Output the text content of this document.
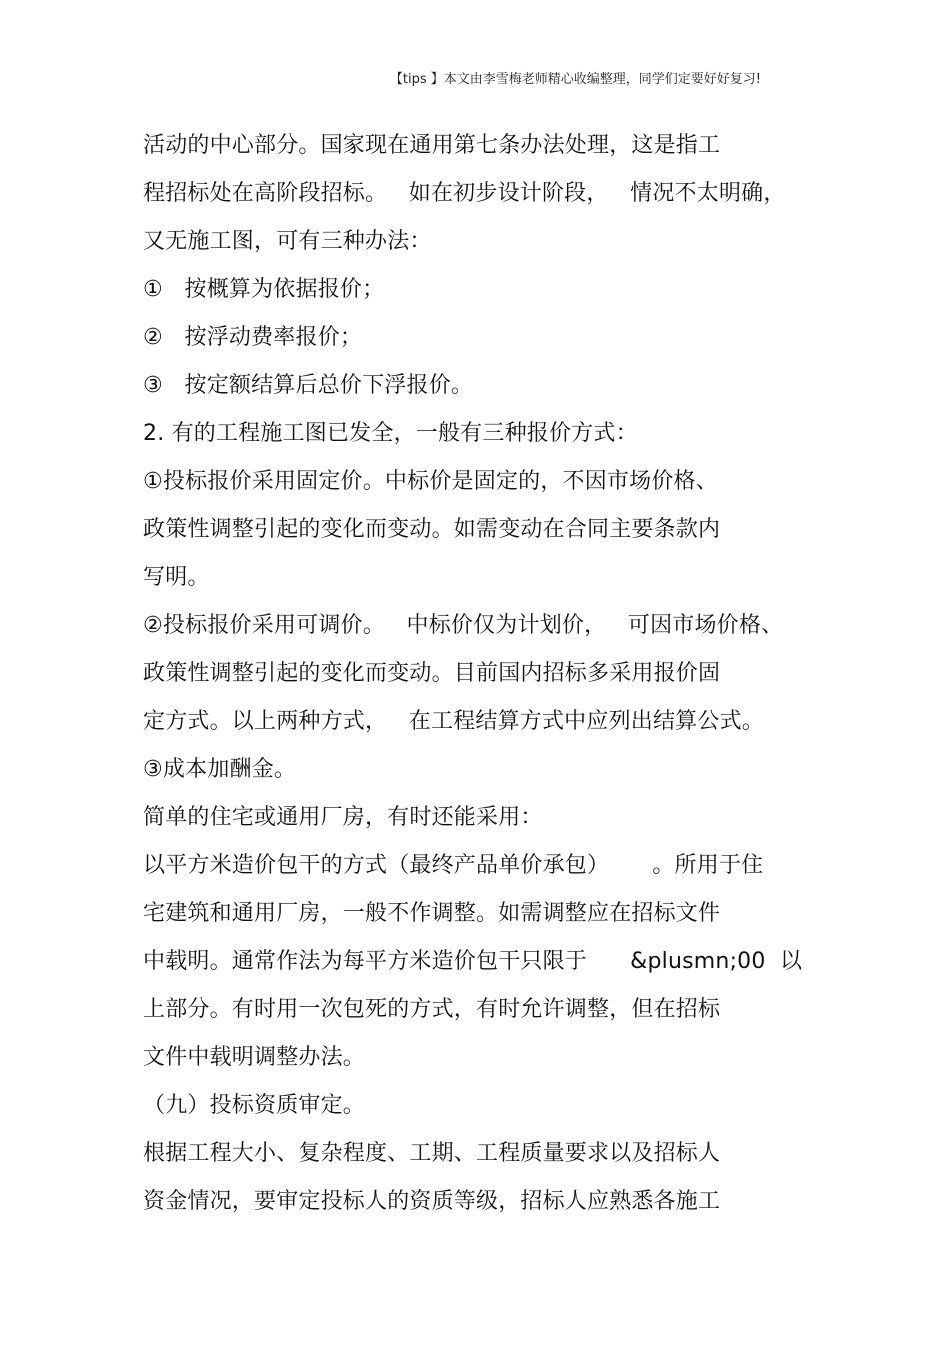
【tips 】本文由李雪梅老师精心收编整理，同学们定要好好复习!
活动的中心部分。国家现在通用第七条办法处理，这是指工
程招标处在高阶段招标。   如在初步设计阶段，   情况不太明确，
又无施工图，可有三种办法：
①   按概算为依据报价；
②   按浮动费率报价；
③   按定额结算后总价下浮报价。
2. 有的工程施工图已发全，一般有三种报价方式：
①投标报价采用固定价。中标价是固定的，不因市场价格、
政策性调整引起的变化而变动。如需变动在合同主要条款内
写明。
②投标报价采用可调价。   中标价仅为计划价，   可因市场价格、
政策性调整引起的变化而变动。目前国内招标多采用报价固
定方式。以上两种方式，   在工程结算方式中应列出结算公式。
③成本加酬金。
简单的住宅或通用厂房，有时还能采用：
以平方米造价包干的方式（最终产品单价承包）      。所用于住
宅建筑和通用厂房，一般不作调整。如需调整应在招标文件
中载明。通常作法为每平方米造价包干只限于      &plusmn;00  以
上部分。有时用一次包死的方式，有时允许调整，但在招标
文件中载明调整办法。
（九）投标资质审定。
根据工程大小、复杂程度、工期、工程质量要求以及招标人
资金情况，要审定投标人的资质等级，招标人应熟悉各施工
